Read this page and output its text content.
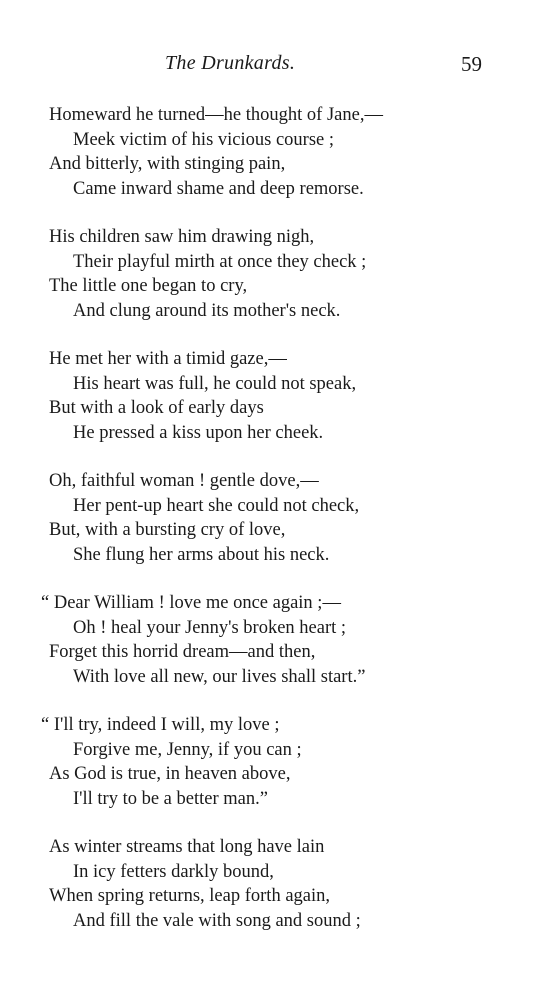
The Drunkards.	59
Homeward he turned—he thought of Jane,—
Meek victim of his vicious course ;
And bitterly, with stinging pain,
Came inward shame and deep remorse.
His children saw him drawing nigh,
Their playful mirth at once they check ;
The little one began to cry,
And clung around its mother's neck.
He met her with a timid gaze,—
His heart was full, he could not speak,
But with a look of early days
He pressed a kiss upon her cheek.
Oh, faithful woman ! gentle dove,—
Her pent-up heart she could not check,
But, with a bursting cry of love,
She flung her arms about his neck.
“ Dear William ! love me once again ;—
Oh ! heal your Jenny's broken heart ;
Forget this horrid dream—and then,
With love all new, our lives shall start.”
“ I'll try, indeed I will, my love ;
Forgive me, Jenny, if you can ;
As God is true, in heaven above,
I'll try to be a better man.”
As winter streams that long have lain
In icy fetters darkly bound,
When spring returns, leap forth again,
And fill the vale with song and sound ;
